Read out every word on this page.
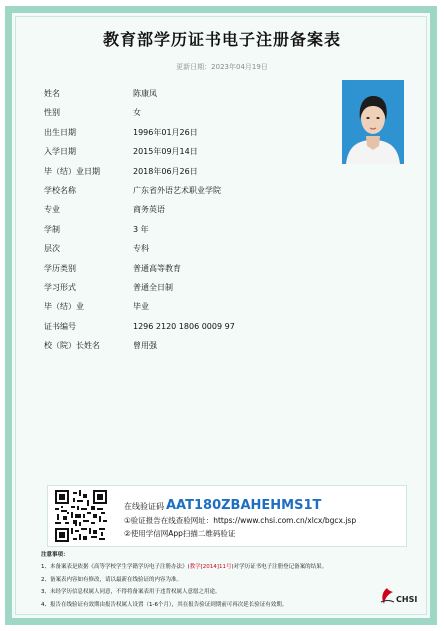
教育部学历证书电子注册备案表
更新日期：2023年04月19日
姓名	陈康凤
性别	女
出生日期	1996年01月26日
入学日期	2015年09月14日
毕（结）业日期	2018年06月26日
学校名称	广东省外语艺术职业学院
专业	商务英语
学制	3 年
层次	专科
学历类别	普通高等教育
学习形式	普通全日制
毕（结）业	毕业
证书编号	1296 2120 1806 0009 97
校（院）长姓名	曾用强
在线验证码 AAT180ZBAHEHMS1T
①验证报告在线查验网址：https://www.chsi.com.cn/xlcx/bgcx.jsp
②使用学信网App扫描二维码验证
注意事项：
1、本备案表是依据《高等学校学生学籍学历电子注册办法》(教学[2014]11号)对学历证书电子注册登记备案的结果。
2、备案表内容如有修改，请以最新在线验证的内容为准。
3、未经学历信息权属人同意，不得将备案表用于违背权属人意愿之用途。
4、报告在线验证有效期由报告权属人设置（1-6个月），其在报告验证到期前可再次延长验证有效期。
CHSI
